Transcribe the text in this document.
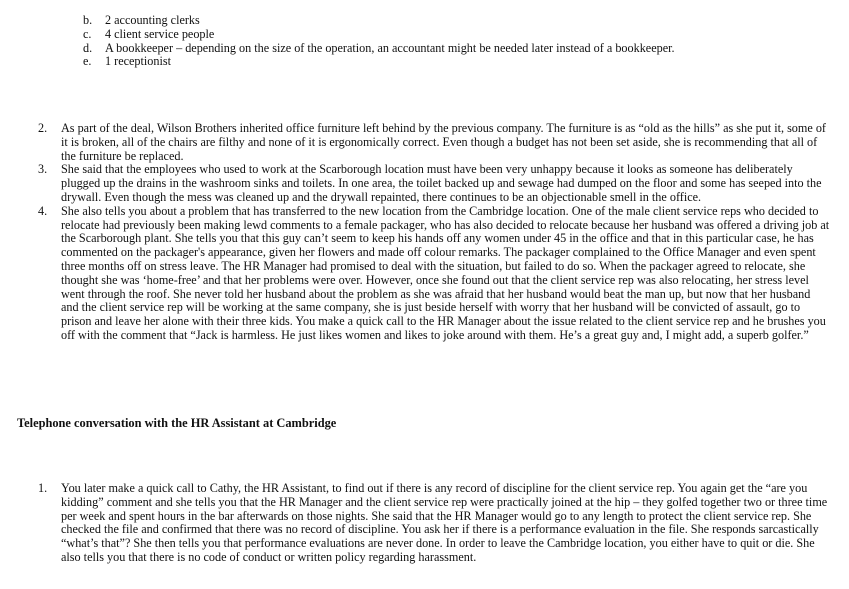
b.	2 accounting clerks
c.	4 client service people
d.	A bookkeeper – depending on the size of the operation, an accountant might be needed later instead of a bookkeeper.
e.	1 receptionist
2.	As part of the deal, Wilson Brothers inherited office furniture left behind by the previous company. The furniture is as “old as the hills” as she put it, some of it is broken, all of the chairs are filthy and none of it is ergonomically correct. Even though a budget has not been set aside, she is recommending that all of the furniture be replaced.
3.	She said that the employees who used to work at the Scarborough location must have been very unhappy because it looks as someone has deliberately plugged up the drains in the washroom sinks and toilets. In one area, the toilet backed up and sewage had dumped on the floor and some has seeped into the drywall. Even though the mess was cleaned up and the drywall repainted, there continues to be an objectionable smell in the office.
4.	She also tells you about a problem that has transferred to the new location from the Cambridge location. One of the male client service reps who decided to relocate had previously been making lewd comments to a female packager, who has also decided to relocate because her husband was offered a driving job at the Scarborough plant. She tells you that this guy can’t seem to keep his hands off any women under 45 in the office and that in this particular case, he has commented on the packager's appearance, given her flowers and made off colour remarks. The packager complained to the Office Manager and even spent three months off on stress leave. The HR Manager had promised to deal with the situation, but failed to do so. When the packager agreed to relocate, she thought she was ‘home-free’ and that her problems were over. However, once she found out that the client service rep was also relocating, her stress level went through the roof. She never told her husband about the problem as she was afraid that her husband would beat the man up, but now that her husband and the client service rep will be working at the same company, she is just beside herself with worry that her husband will be convicted of assault, go to prison and leave her alone with their three kids. You make a quick call to the HR Manager about the issue related to the client service rep and he brushes you off with the comment that “Jack is harmless. He just likes women and likes to joke around with them. He’s a great guy and, I might add, a superb golfer.”
Telephone conversation with the HR Assistant at Cambridge
1.	You later make a quick call to Cathy, the HR Assistant, to find out if there is any record of discipline for the client service rep. You again get the “are you kidding” comment and she tells you that the HR Manager and the client service rep were practically joined at the hip – they golfed together two or three time per week and spent hours in the bar afterwards on those nights. She said that the HR Manager would go to any length to protect the client service rep. She checked the file and confirmed that there was no record of discipline. You ask her if there is a performance evaluation in the file. She responds sarcastically “what’s that”? She then tells you that performance evaluations are never done. In order to leave the Cambridge location, you either have to quit or die. She also tells you that there is no code of conduct or written policy regarding harassment.
